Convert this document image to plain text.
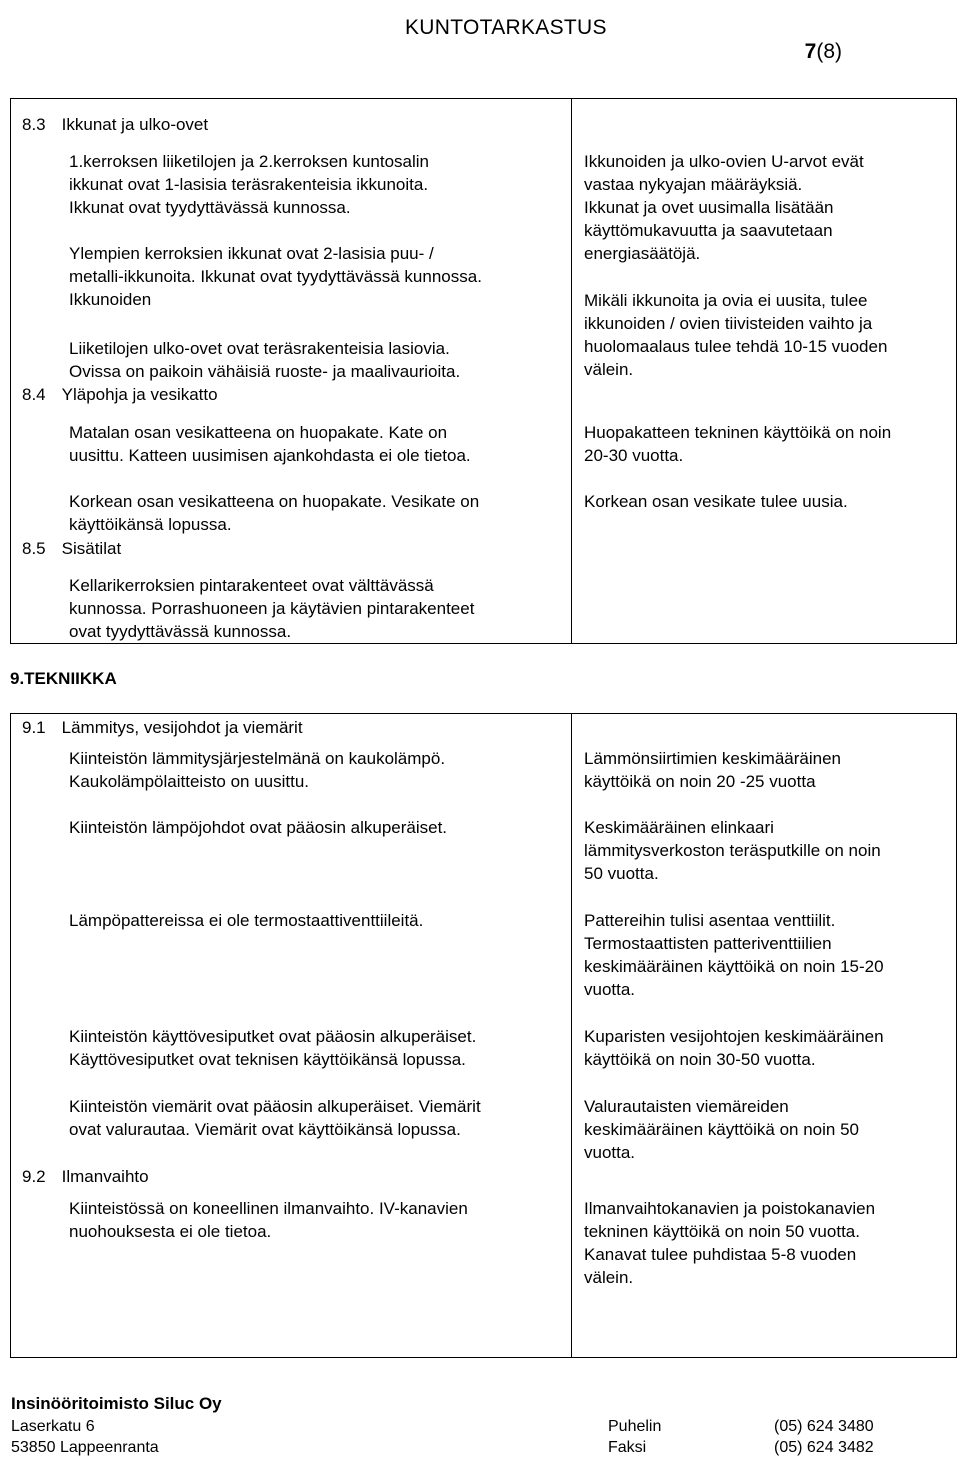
KUNTOTARKASTUS
7(8)
8.3 Ikkunat ja ulko-ovet
1.kerroksen liiketilojen ja 2.kerroksen kuntosalin
ikkunat ovat 1-lasisia teräsrakenteisia ikkunoita.
Ikkunat ovat tyydyttävässä kunnossa.
Ylempien kerroksien ikkunat ovat 2-lasisia puu- /
metalli-ikkunoita. Ikkunat ovat tyydyttävässä kunnossa.
Ikkunoiden
Liiketilojen ulko-ovet ovat teräsrakenteisia lasiovia.
Ovissa on paikoin vähäisiä ruoste- ja maalivaurioita.
Ikkunoiden ja ulko-ovien U-arvot evät
vastaa nykyajan määräyksiä.
Ikkunat ja ovet uusimalla lisätään
käyttömukavuutta ja saavutetaan
energiasäätöjä.
Mikäli ikkunoita ja ovia ei uusita, tulee
ikkunoiden / ovien tiivisteiden vaihto ja
huolomaalaus tulee tehdä 10-15 vuoden
välein.
8.4 Yläpohja ja vesikatto
Matalan osan vesikatteena on huopakate. Kate on
uusittu. Katteen uusimisen ajankohdasta ei ole tietoa.
Korkean osan vesikatteena on huopakate. Vesikate on
käyttöikänsä lopussa.
Huopakatteen tekninen käyttöikä on noin
20-30 vuotta.
Korkean osan vesikate tulee uusia.
8.5 Sisätilat
Kellarikerroksien pintarakenteet ovat välttävässä
kunnossa. Porrashuoneen ja käytävien pintarakenteet
ovat tyydyttävässä kunnossa.
9.TEKNIIKKA
9.1 Lämmitys, vesijohdot ja viemärit
Kiinteistön lämmitysjärjestelmänä on kaukolämpö.
Kaukolämpölaitteisto on uusittu.
Kiinteistön lämpöjohdot ovat pääosin alkuperäiset.
Lämpöpattereissa ei ole termostaattiventtiileitä.
Kiinteistön käyttövesiputket ovat pääosin alkuperäiset.
Käyttövesiputket ovat teknisen käyttöikänsä lopussa.
Kiinteistön viemärit ovat pääosin alkuperäiset. Viemärit
ovat valurautaa. Viemärit ovat käyttöikänsä lopussa.
Lämmönsiirtimien keskimääräinen
käyttöikä on noin 20 -25 vuotta
Keskimääräinen elinkaari
lämmitysverkoston teräsputkille on noin
50 vuotta.
Pattereihin tulisi asentaa venttiilit.
Termostaattisten patteriventtiilien
keskimääräinen käyttöikä on noin 15-20
vuotta.
Kuparisten vesijohtojen keskimääräinen
käyttöikä on noin 30-50 vuotta.
Valurautaisten viemäreiden
keskimääräinen käyttöikä on noin 50
vuotta.
9.2 Ilmanvaihto
Kiinteistössä on koneellinen ilmanvaihto. IV-kanavien
nuohouksesta ei ole tietoa.
Ilmanvaihtokanavien ja poistokanavien
tekninen käyttöikä on noin 50 vuotta.
Kanavat tulee puhdistaa 5-8 vuoden
välein.
Insinööritoimisto Siluc Oy
Laserkatu 6
53850 Lappeenranta
Puhelin	(05) 624 3480
Faksi	(05) 624 3482
